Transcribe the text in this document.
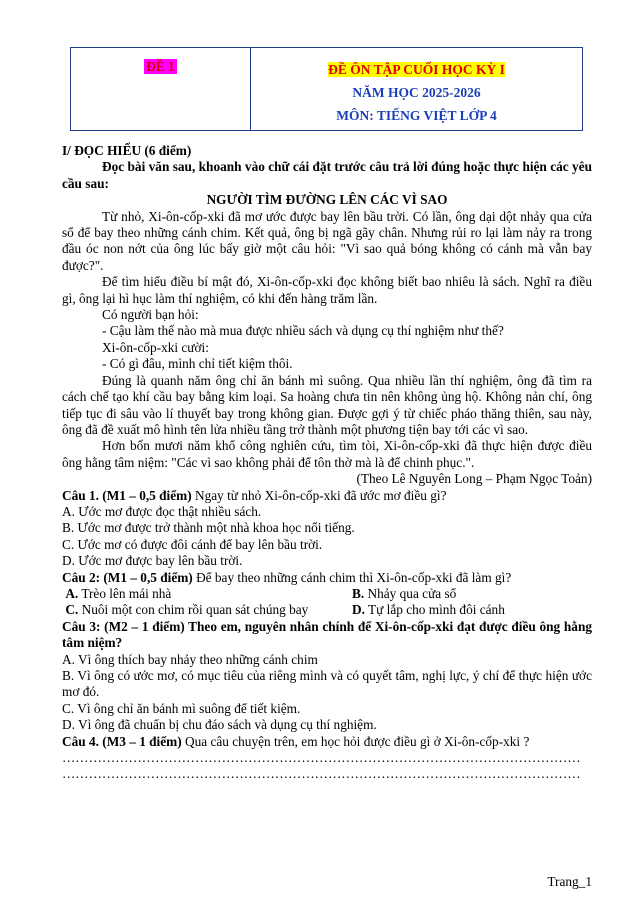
ĐỀ 1	ĐỀ ÔN TẬP CUỐI HỌC KỲ I
NĂM HỌC 2025-2026
MÔN: TIẾNG VIỆT LỚP 4

I/ ĐỌC HIỂU (6 điểm)

Đọc bài văn sau, khoanh vào chữ cái đặt trước câu trả lời đúng hoặc thực hiện các yêu cầu sau:

NGƯỜI TÌM ĐƯỜNG LÊN CÁC VÌ SAO

Từ nhỏ, Xi-ôn-cốp-xki đã mơ ước được bay lên bầu trời. Có lần, ông dại dột nhảy qua cửa sổ để bay theo những cánh chim. Kết quả, ông bị ngã gãy chân. Nhưng rủi ro lại làm nảy ra trong đầu óc non nớt của ông lúc bấy giờ một câu hỏi: "Vì sao quả bóng không có cánh mà vẫn bay được?".

Để tìm hiểu điều bí mật đó, Xi-ôn-cốp-xki đọc không biết bao nhiêu là sách. Nghĩ ra điều gì, ông lại hì hục làm thí nghiệm, có khi đến hàng trăm lần.

Có người bạn hỏi:

- Cậu làm thế nào mà mua được nhiều sách và dụng cụ thí nghiệm như thế?

Xi-ôn-cốp-xki cười:

- Có gì đâu, mình chỉ tiết kiệm thôi.

Đúng là quanh năm ông chỉ ăn bánh mì suông. Qua nhiều lần thí nghiệm, ông đã tìm ra cách chế tạo khí cầu bay bằng kim loại. Sa hoàng chưa tin nên không ủng hộ. Không nản chí, ông tiếp tục đi sâu vào lí thuyết bay trong không gian. Được gợi ý từ chiếc pháo thăng thiên, sau này, ông đã đề xuất mô hình tên lửa nhiều tầng trở thành một phương tiện bay tới các vì sao.

Hơn bốn mươi năm khổ công nghiên cứu, tìm tòi, Xi-ôn-cốp-xki đã thực hiện được điều ông hằng tâm niệm: "Các vì sao không phải để tôn thờ mà là để chinh phục.".

(Theo Lê Nguyên Long – Phạm Ngọc Toản)

Câu 1. (M1 – 0,5 điểm) Ngay từ nhỏ Xi-ôn-cốp-xki đã ước mơ điều gì?

A. Ước mơ được đọc thật nhiều sách.

B. Ước mơ được trở thành một nhà khoa học nổi tiếng.

C. Ước mơ có được đôi cánh để bay lên bầu trời.

D. Ước mơ được bay lên bầu trời.

Câu 2: (M1 – 0,5 điểm) Để bay theo những cánh chim thì Xi-ôn-cốp-xki đã làm gì?

A. Trèo lên mái nhà	B. Nhảy qua cửa sổ
C. Nuôi một con chim rồi quan sát chúng bay	D. Tự lắp cho mình đôi cánh

Câu 3: (M2 – 1 điểm) Theo em, nguyên nhân chính để Xi-ôn-cốp-xki đạt được điều ông hằng tâm niệm?

A. Vì ông thích bay nhảy theo những cánh chim

B. Vì ông có ước mơ, có mục tiêu của riêng mình và có quyết tâm, nghị lực, ý chí để thực hiện ước mơ đó.

C. Vì ông chỉ ăn bánh mì suông để tiết kiệm.

D. Vì ông đã chuẩn bị chu đáo sách và dụng cụ thí nghiệm.

Câu 4. (M3 – 1 điểm) Qua câu chuyện trên, em học hỏi được điều gì ở Xi-ôn-cốp-xki ?

………………………………………………………………………………………………………

………………………………………………………………………………………………………

Trang_1
